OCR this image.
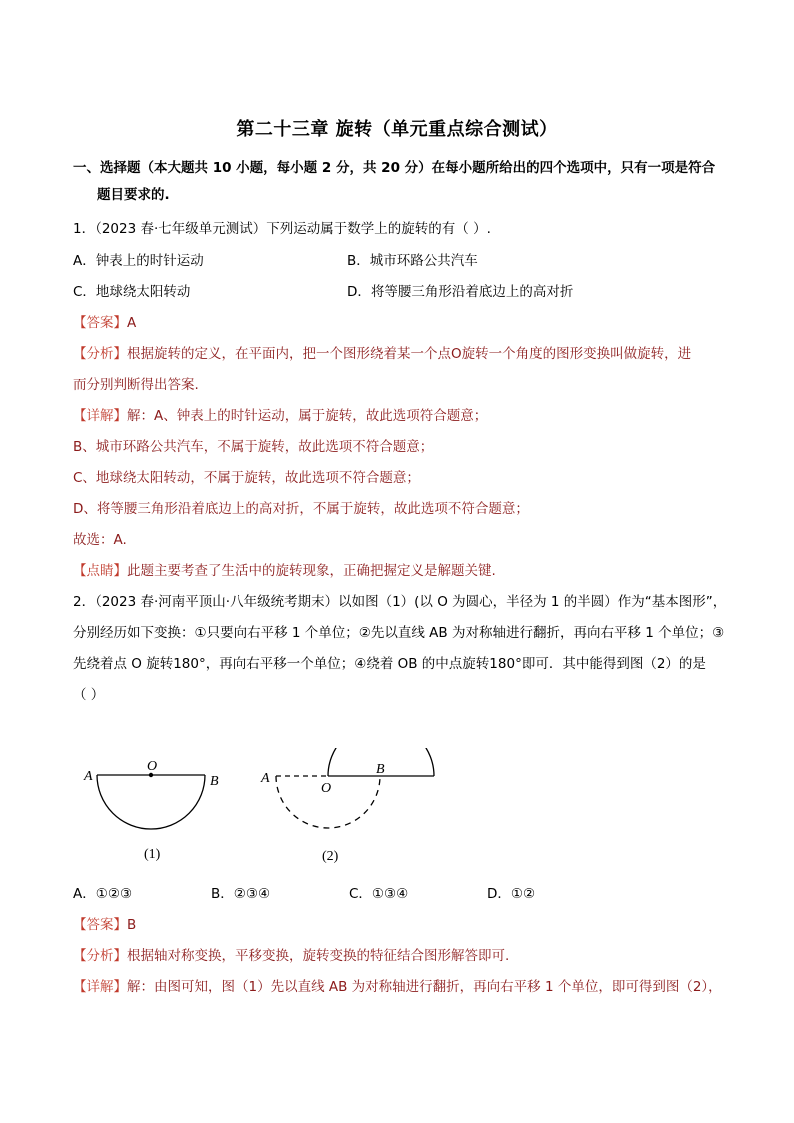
第二十三章 旋转（单元重点综合测试）
一、选择题（本大题共 10 小题，每小题 2 分，共 20 分）在每小题所给出的四个选项中，只有一项是符合
题目要求的.
1．（2023 春·七年级单元测试）下列运动属于数学上的旋转的有（ ）.
A．钟表上的时针运动	B．城市环路公共汽车
C．地球绕太阳转动	D．将等腰三角形沿着底边上的高对折
【答案】A
【分析】根据旋转的定义，在平面内，把一个图形绕着某一个点O旋转一个角度的图形变换叫做旋转，进
而分别判断得出答案.
【详解】解：A、钟表上的时针运动，属于旋转，故此选项符合题意；
B、城市环路公共汽车，不属于旋转，故此选项不符合题意；
C、地球绕太阳转动，不属于旋转，故此选项不符合题意；
D、将等腰三角形沿着底边上的高对折，不属于旋转，故此选项不符合题意；
故选：A.
【点睛】此题主要考查了生活中的旋转现象，正确把握定义是解题关键.
2．（2023 春·河南平顶山·八年级统考期末）以如图（1）(以 O 为圆心，半径为 1 的半圆）作为“基本图形”，
分别经历如下变换：①只要向右平移 1 个单位；②先以直线 AB 为对称轴进行翻折，再向右平移 1 个单位；③
先绕着点 O 旋转180°，再向右平移一个单位；④绕着 OB 的中点旋转180°即可．其中能得到图（2）的是
（ ）
A
O
B
(1)
A
O
B
(2)
A．①②③	B．②③④	C．①③④	D．①②
【答案】B
【分析】根据轴对称变换，平移变换，旋转变换的特征结合图形解答即可.
【详解】解：由图可知，图（1）先以直线 AB 为对称轴进行翻折，再向右平移 1 个单位，即可得到图（2），
